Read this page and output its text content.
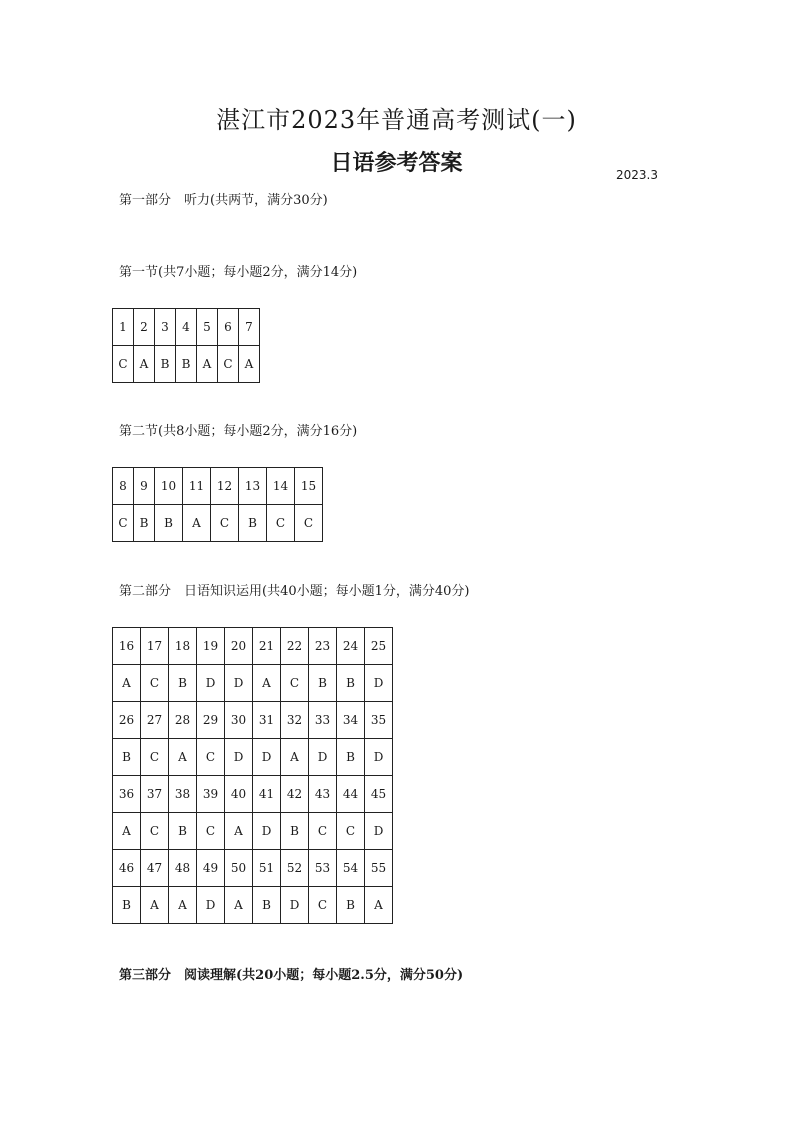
湛江市2023年普通高考测试(一)
日语参考答案	2023.3

第一部分　听力(共两节，满分30分)

第一节(共7小题；每小题2分，满分14分)

1	2	3	4	5	6	7
C	A	B	B	A	C	A

第二节(共8小题；每小题2分，满分16分)

8	9	10	11	12	13	14	15
C	B	B	A	C	B	C	C

第二部分　日语知识运用(共40小题；每小题1分，满分40分)

16	17	18	19	20	21	22	23	24	25
A	C	B	D	D	A	C	B	B	D
26	27	28	29	30	31	32	33	34	35
B	C	A	C	D	D	A	D	B	D
36	37	38	39	40	41	42	43	44	45
A	C	B	C	A	D	B	C	C	D
46	47	48	49	50	51	52	53	54	55
B	A	A	D	A	B	D	C	B	A

第三部分　阅读理解(共20小题；每小题2.5分，满分50分)
